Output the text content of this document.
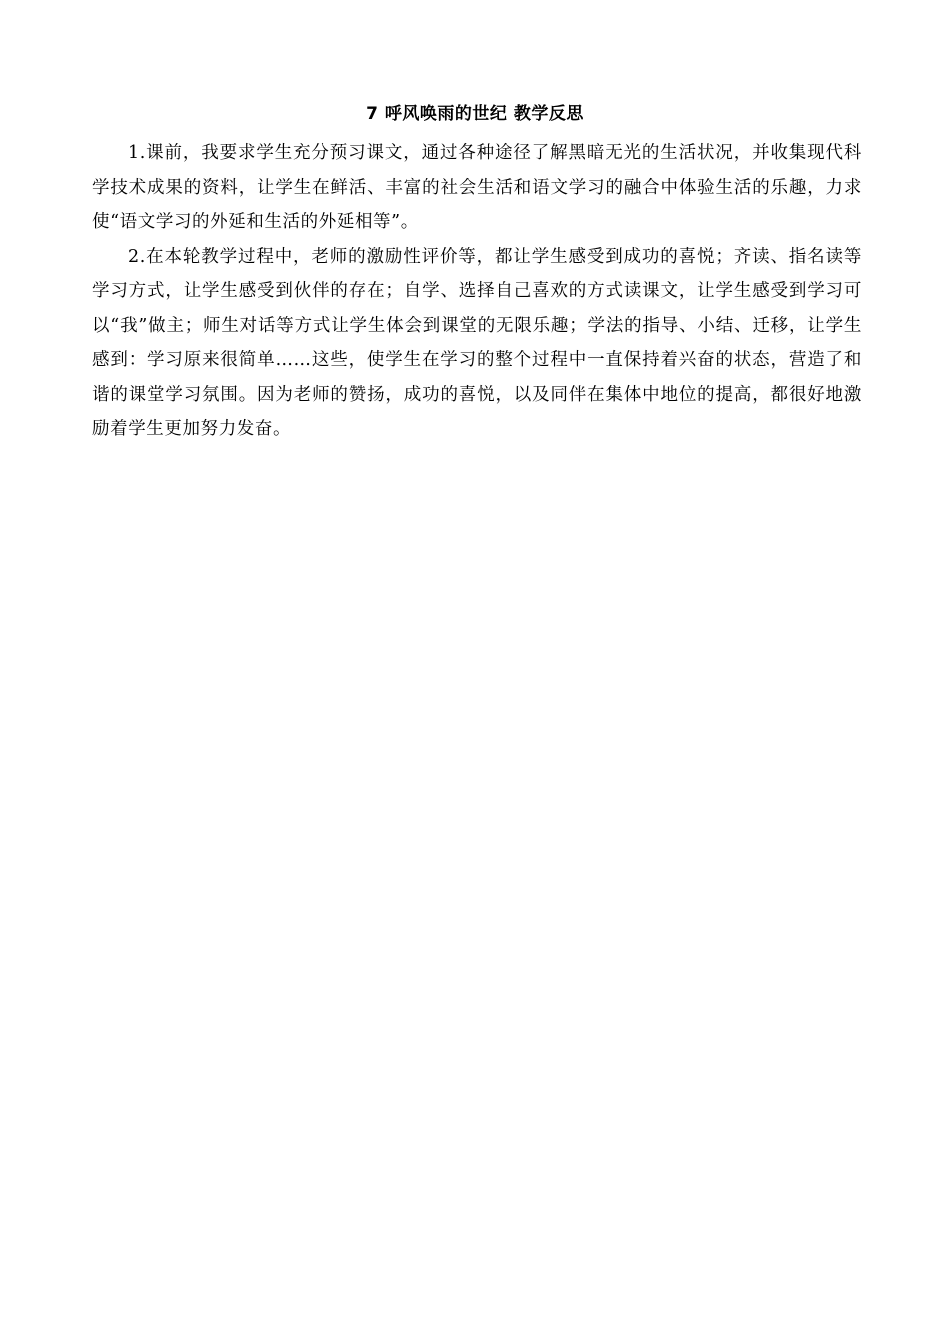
7 呼风唤雨的世纪 教学反思

1.课前，我要求学生充分预习课文，通过各种途径了解黑暗无光的生活状况，并收集现代科学技术成果的资料，让学生在鲜活、丰富的社会生活和语文学习的融合中体验生活的乐趣，力求使“语文学习的外延和生活的外延相等”。

2.在本轮教学过程中，老师的激励性评价等，都让学生感受到成功的喜悦；齐读、指名读等学习方式，让学生感受到伙伴的存在；自学、选择自己喜欢的方式读课文，让学生感受到学习可以“我”做主；师生对话等方式让学生体会到课堂的无限乐趣；学法的指导、小结、迁移，让学生感到：学习原来很简单……这些，使学生在学习的整个过程中一直保持着兴奋的状态，营造了和谐的课堂学习氛围。因为老师的赞扬，成功的喜悦，以及同伴在集体中地位的提高，都很好地激励着学生更加努力发奋。
